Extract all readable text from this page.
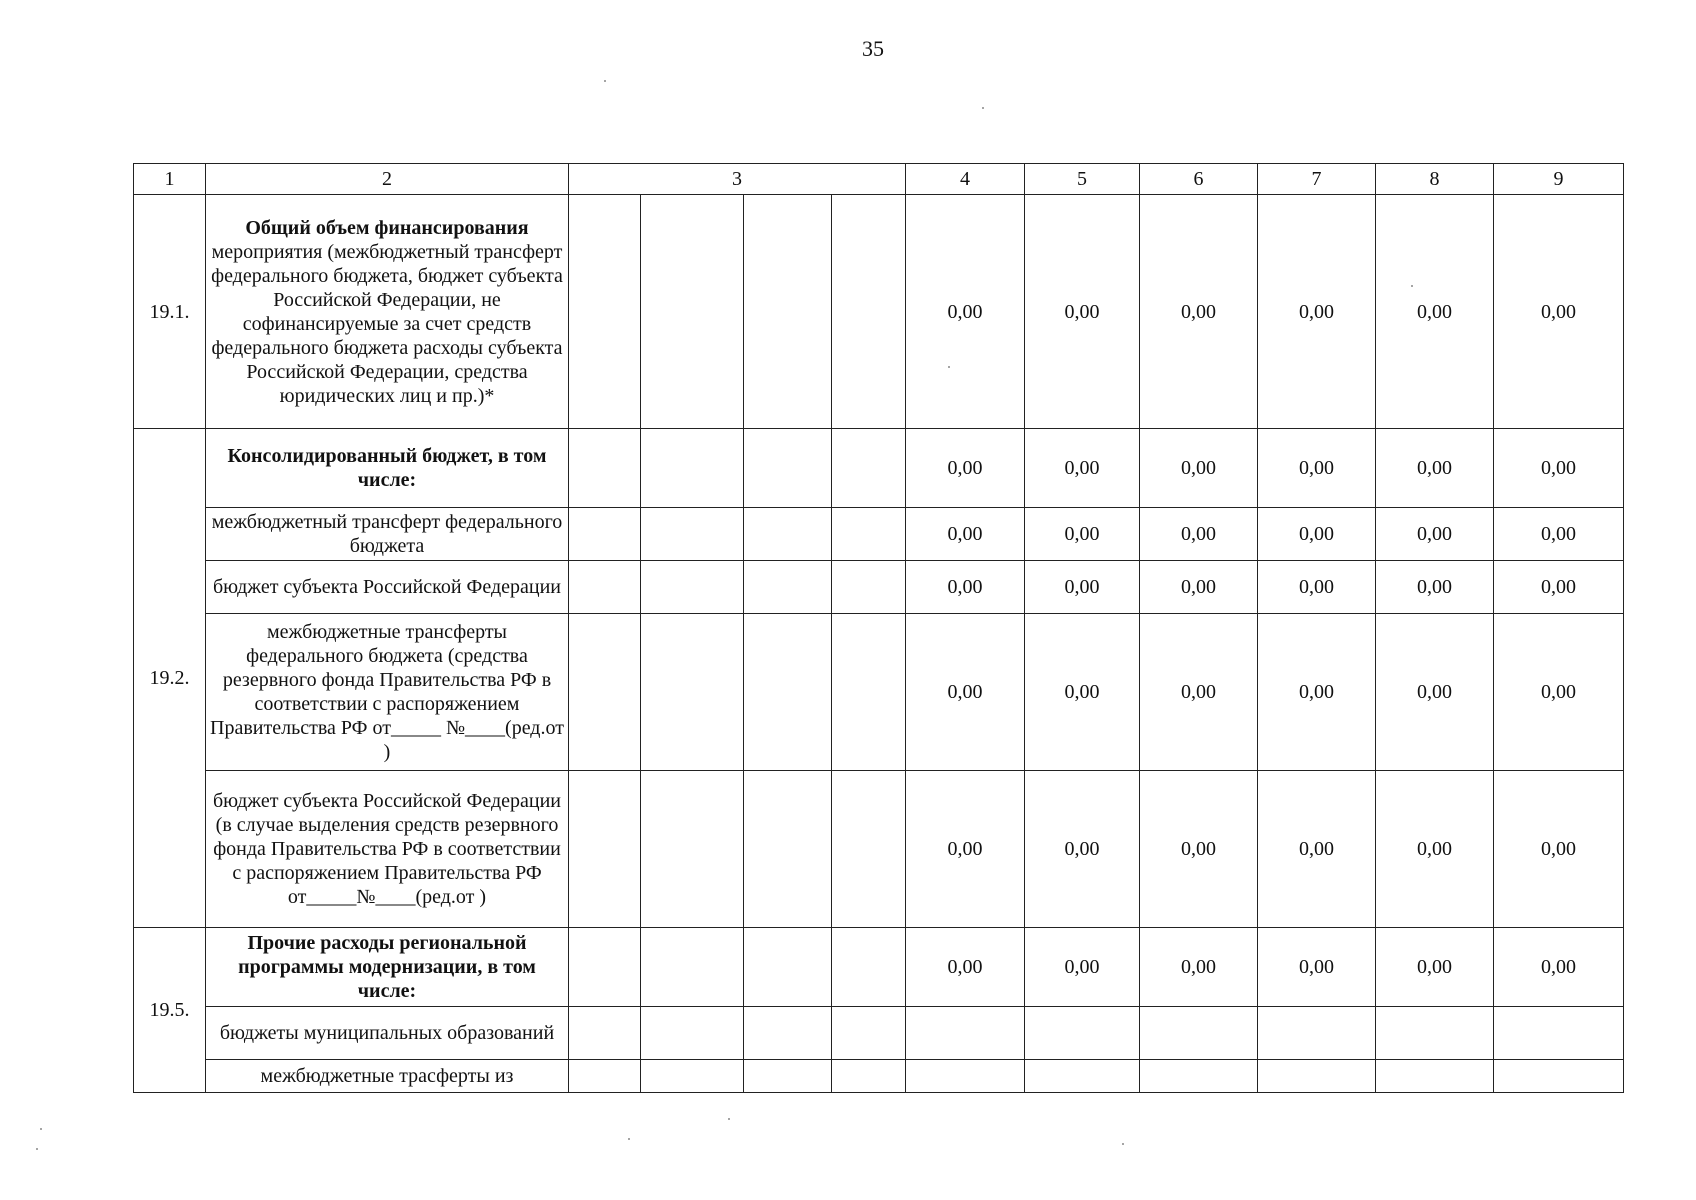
35
1	2	3				4	5	6	7	8	9
19.1.	Общий объем финансирования мероприятия (межбюджетный трансферт федерального бюджета, бюджет субъекта Российской Федерации, не софинансируемые за счет средств федерального бюджета расходы субъекта Российской Федерации, средства юридических лиц и пр.)*					0,00	0,00	0,00	0,00	0,00	0,00
19.2.	Консолидированный бюджет, в том числе:					0,00	0,00	0,00	0,00	0,00	0,00
	межбюджетный трансферт федерального бюджета					0,00	0,00	0,00	0,00	0,00	0,00
	бюджет субъекта Российской Федерации					0,00	0,00	0,00	0,00	0,00	0,00
	межбюджетные трансферты федерального бюджета (средства резервного фонда Правительства РФ в соответствии с распоряжением Правительства РФ от_____ №____(ред.от )					0,00	0,00	0,00	0,00	0,00	0,00
	бюджет субъекта Российской Федерации (в случае выделения средств резервного фонда Правительства РФ в соответствии с распоряжением Правительства РФ от_____№____(ред.от )					0,00	0,00	0,00	0,00	0,00	0,00
19.5.	Прочие расходы региональной программы модернизации, в том числе:					0,00	0,00	0,00	0,00	0,00	0,00
	бюджеты муниципальных образований										
	межбюджетные трасферты из										
